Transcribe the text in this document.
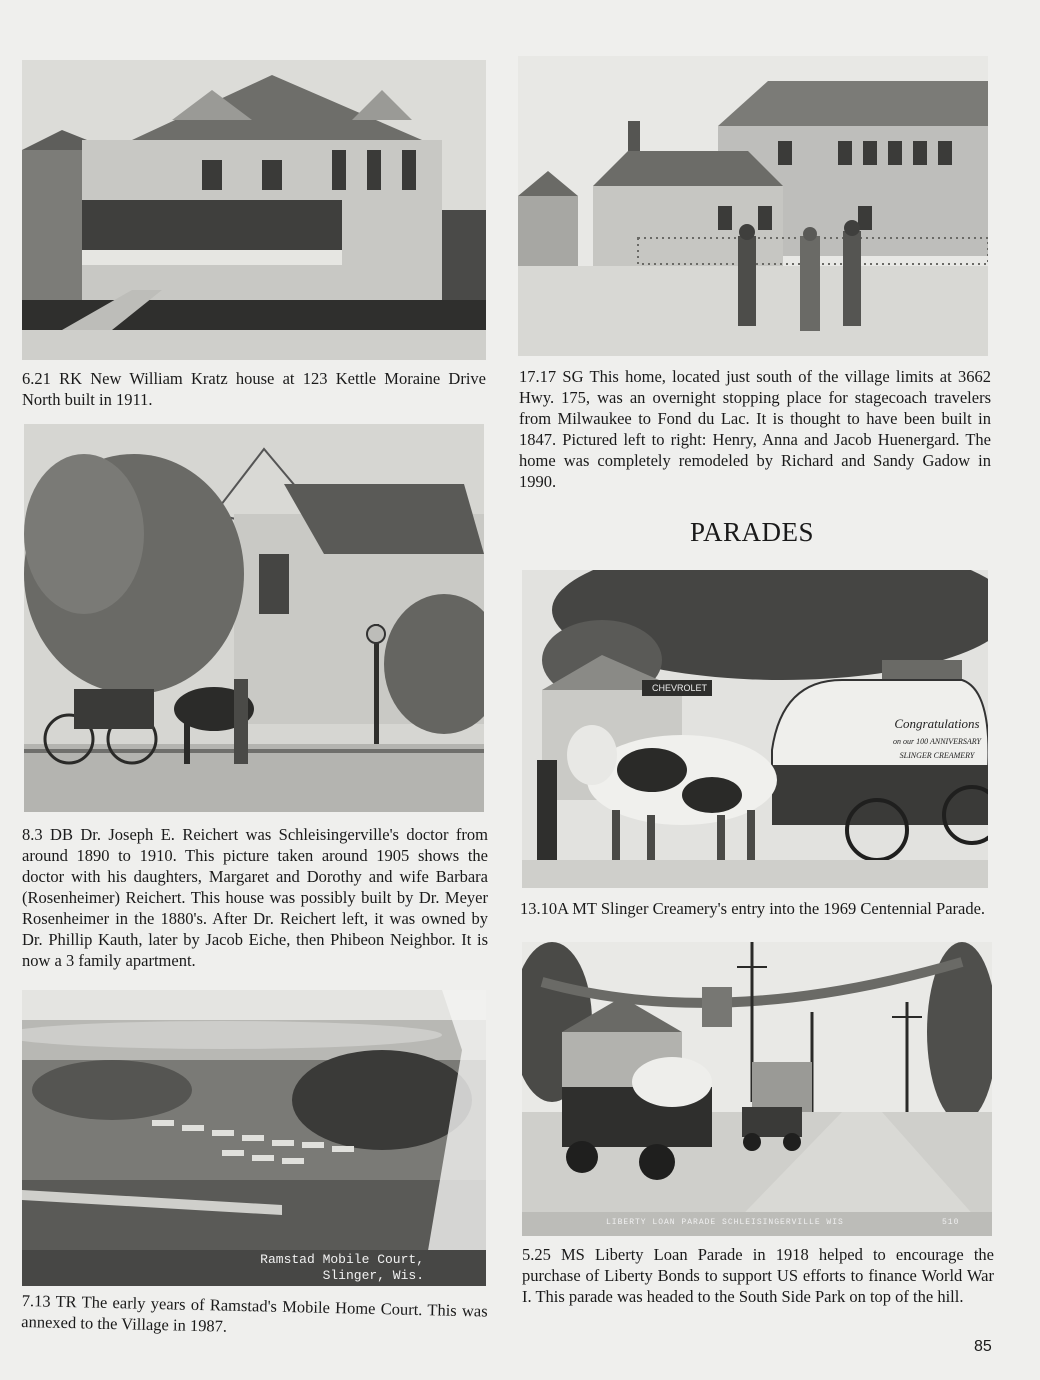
6.21 RK New William Kratz house at 123 Kettle Moraine Drive North built in 1911.

8.3 DB Dr. Joseph E. Reichert was Schleisingerville's doctor from around 1890 to 1910. This picture taken around 1905 shows the doctor with his daughters, Margaret and Dorothy and wife Barbara (Rosenheimer) Reichert. This house was possibly built by Dr. Meyer Rosenheimer in the 1880's. After Dr. Reichert left, it was owned by Dr. Phillip Kauth, later by Jacob Eiche, then Phibeon Neighbor. It is now a 3 family apartment.

Ramstad Mobile Court,
Slinger, Wis.

7.13 TR The early years of Ramstad's Mobile Home Court. This was annexed to the Village in 1987.

17.17 SG This home, located just south of the village limits at 3662 Hwy. 175, was an overnight stopping place for stagecoach travelers from Milwaukee to Fond du Lac. It is thought to have been built in 1847. Pictured left to right: Henry, Anna and Jacob Huenergard. The home was completely remodeled by Richard and Sandy Gadow in 1990.

PARADES
CHEVROLET
Congratulations
on our 100 ANNIVERSARY
SLINGER CREAMERY

13.10A MT Slinger Creamery's entry into the 1969 Centennial Parade.

LIBERTY LOAN PARADE SCHLEISINGERVILLE WIS	510

5.25 MS Liberty Loan Parade in 1918 helped to encourage the purchase of Liberty Bonds to support US efforts to finance World War I. This parade was headed to the South Side Park on top of the hill.

85
